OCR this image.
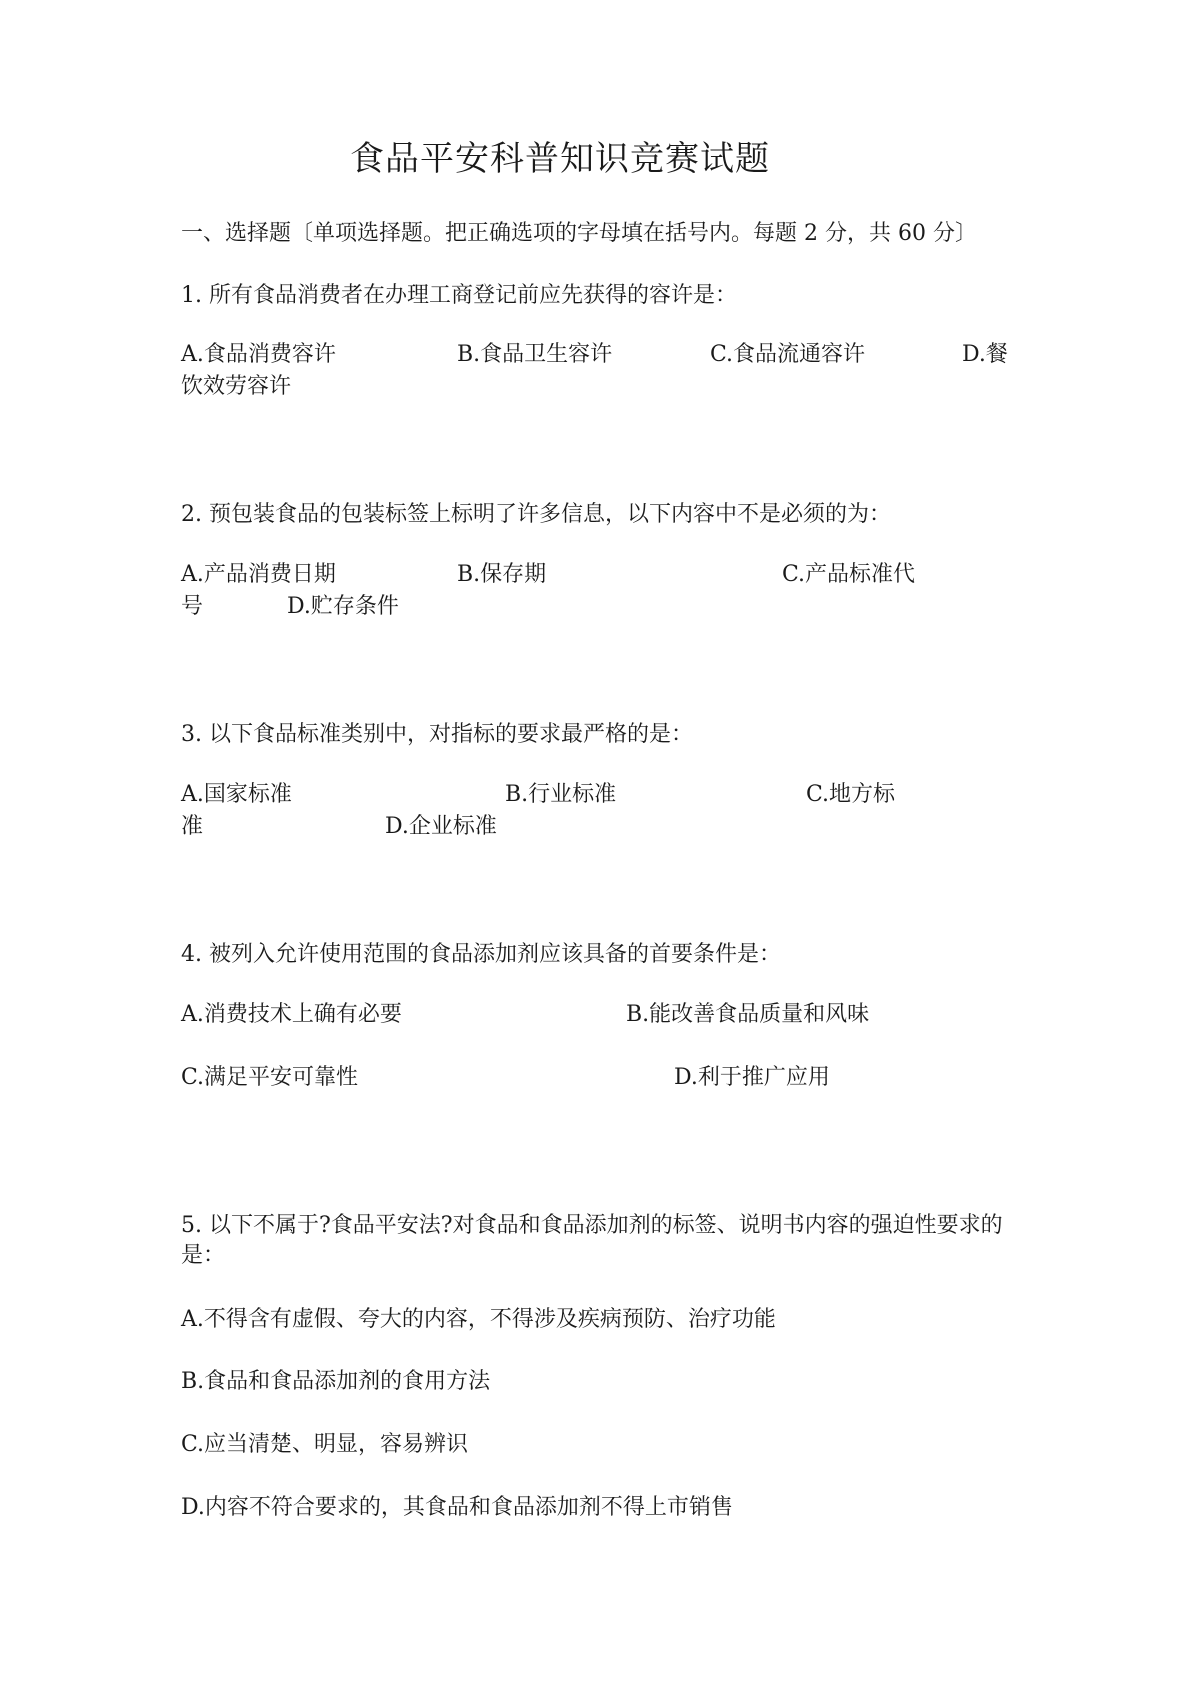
食品平安科普知识竞赛试题
一、选择题〔单项选择题。把正确选项的字母填在括号内。每题 2 分，共 60 分〕
1. 所有食品消费者在办理工商登记前应先获得的容许是：
A.食品消费容许	B.食品卫生容许	C.食品流通容许	D.餐
饮效劳容许
2. 预包装食品的包装标签上标明了许多信息，以下内容中不是必须的为：
A.产品消费日期	B.保存期	C.产品标准代
号	D.贮存条件
3. 以下食品标准类别中，对指标的要求最严格的是：
A.国家标准	B.行业标准	C.地方标
准	D.企业标准
4. 被列入允许使用范围的食品添加剂应该具备的首要条件是：
A.消费技术上确有必要	B.能改善食品质量和风味
C.满足平安可靠性	D.利于推广应用
5. 以下不属于?食品平安法?对食品和食品添加剂的标签、说明书内容的强迫性要求的是：
A.不得含有虚假、夸大的内容，不得涉及疾病预防、治疗功能
B.食品和食品添加剂的食用方法
C.应当清楚、明显，容易辨识
D.内容不符合要求的，其食品和食品添加剂不得上市销售
